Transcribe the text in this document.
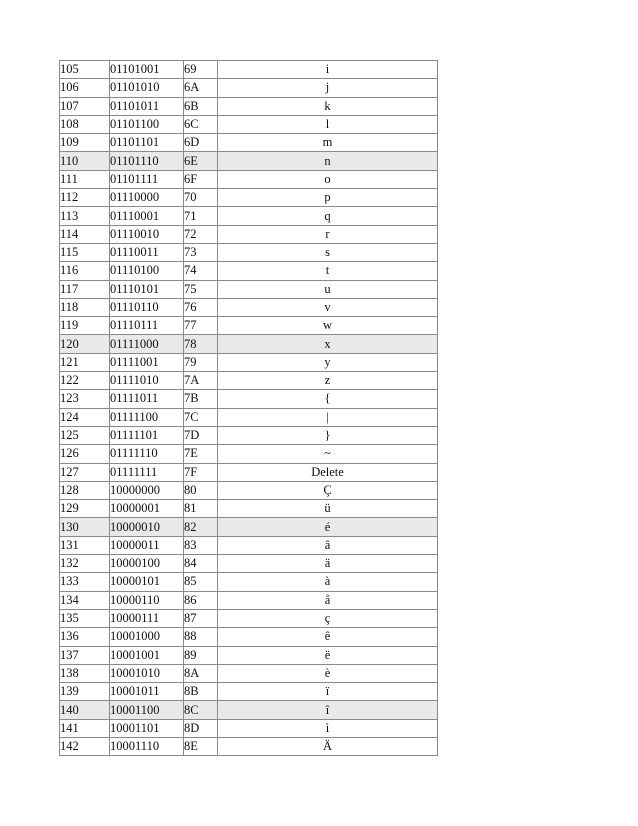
105	01101001	69	i
106	01101010	6A	j
107	01101011	6B	k
108	01101100	6C	l
109	01101101	6D	m
110	01101110	6E	n
111	01101111	6F	o
112	01110000	70	p
113	01110001	71	q
114	01110010	72	r
115	01110011	73	s
116	01110100	74	t
117	01110101	75	u
118	01110110	76	v
119	01110111	77	w
120	01111000	78	x
121	01111001	79	y
122	01111010	7A	z
123	01111011	7B	{
124	01111100	7C	|
125	01111101	7D	}
126	01111110	7E	~
127	01111111	7F	Delete
128	10000000	80	Ç
129	10000001	81	ü
130	10000010	82	é
131	10000011	83	â
132	10000100	84	ä
133	10000101	85	à
134	10000110	86	å
135	10000111	87	ç
136	10001000	88	ê
137	10001001	89	ë
138	10001010	8A	è
139	10001011	8B	ï
140	10001100	8C	î
141	10001101	8D	ì
142	10001110	8E	Ä
